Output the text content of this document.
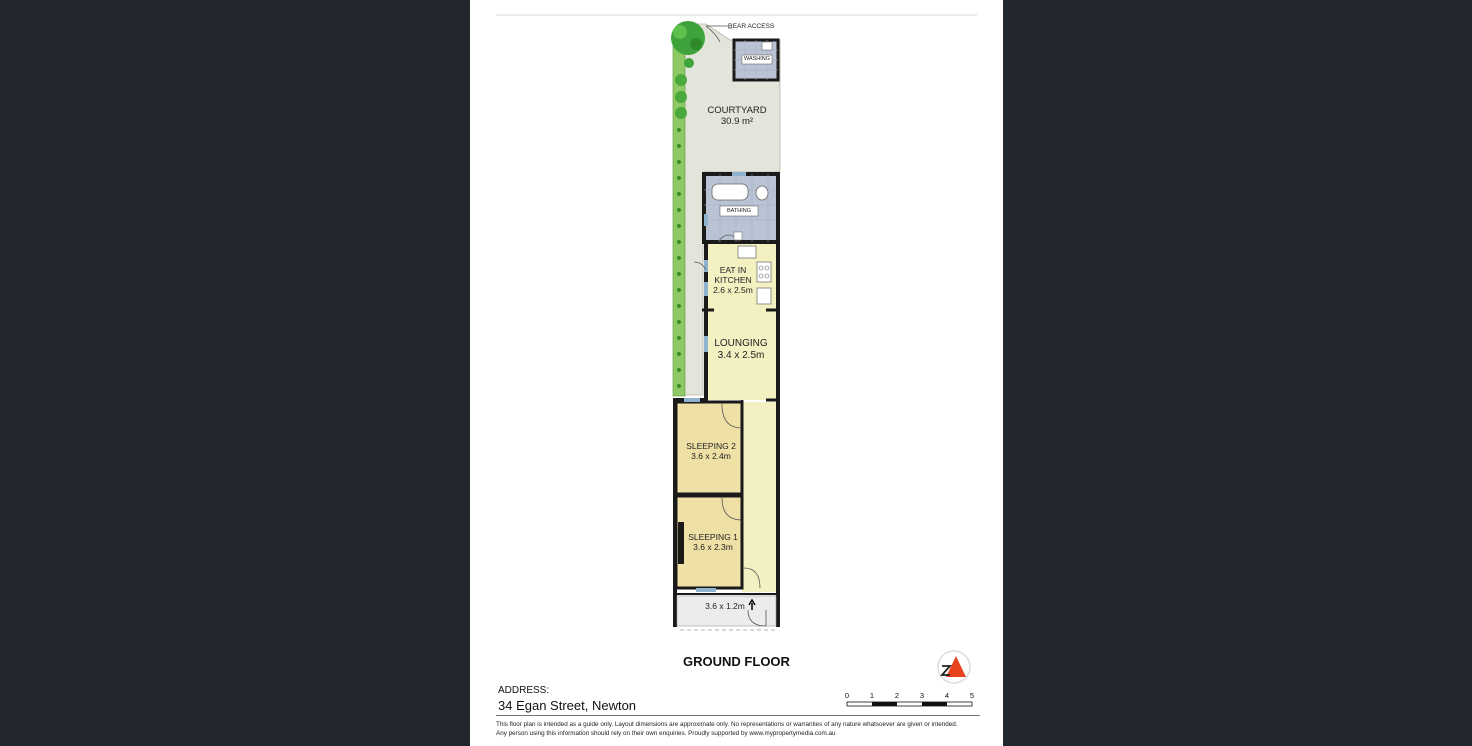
REAR ACCESS
WASHING
COURTYARD
30.9 m²
BATHING
EAT IN
KITCHEN
2.6 x 2.5m
LOUNGING
3.4 x 2.5m
SLEEPING 2
3.6 x 2.4m
SLEEPING 1
3.6 x 2.3m
3.6 x 1.2m
GROUND FLOOR
0	1	2	3	4	5
ADDRESS:
34 Egan Street, Newton
This floor plan is intended as a guide only. Layout dimensions are approximate only. No representations or warranties of any nature whatsoever are given or intended.
Any person using this information should rely on their own enquiries. Proudly supported by www.mypropertymedia.com.au
